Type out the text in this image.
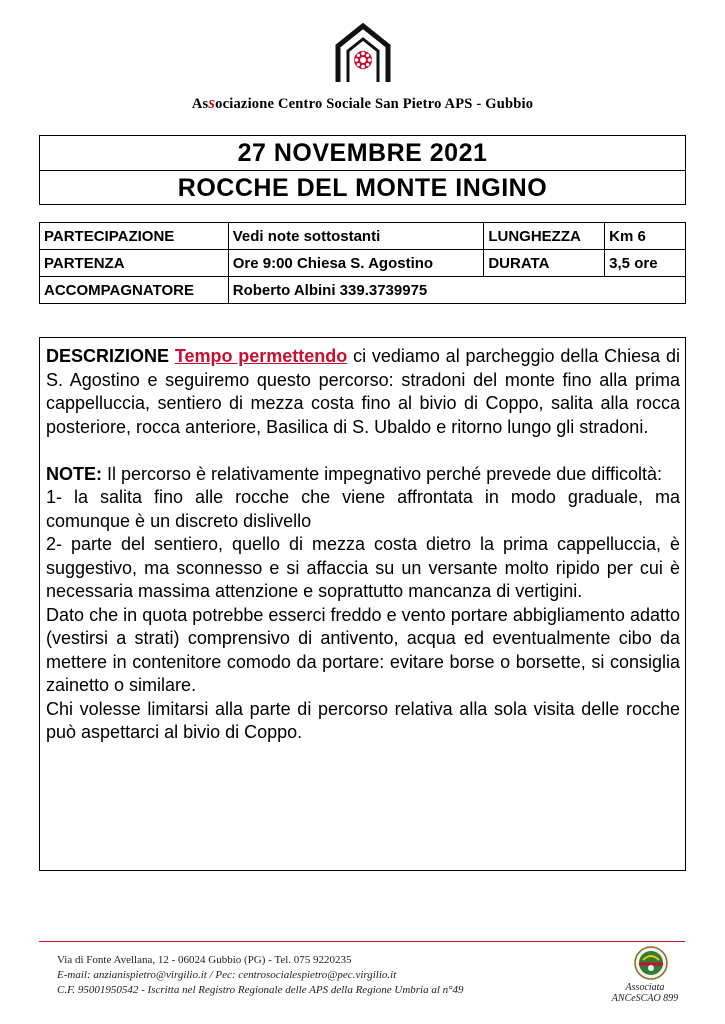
Associazione Centro Sociale San Pietro APS - Gubbio
27 NOVEMBRE 2021
ROCCHE DEL MONTE INGINO
PARTECIPAZIONE	Vedi note sottostanti	LUNGHEZZA	Km 6
PARTENZA	Ore 9:00 Chiesa S. Agostino	DURATA	3,5 ore
ACCOMPAGNATORE	Roberto Albini 339.3739975		

DESCRIZIONE Tempo permettendo ci vediamo al parcheggio della Chiesa di S. Agostino e seguiremo questo percorso: stradoni del monte fino alla prima cappelluccia, sentiero di mezza costa fino al bivio di Coppo, salita alla rocca posteriore, rocca anteriore, Basilica di S. Ubaldo e ritorno lungo gli stradoni.

NOTE: Il percorso è relativamente impegnativo perché prevede due difficoltà:

1- la salita fino alle rocche che viene affrontata in modo graduale, ma comunque è un discreto dislivello

2- parte del sentiero, quello di mezza costa dietro la prima cappelluccia, è suggestivo, ma sconnesso e si affaccia su un versante molto ripido per cui è necessaria massima attenzione e soprattutto mancanza di vertigini.

Dato che in quota potrebbe esserci freddo e vento portare abbigliamento adatto (vestirsi a strati) comprensivo di antivento, acqua ed eventualmente cibo da mettere in contenitore comodo da portare: evitare borse o borsette, si consiglia zainetto o similare.

Chi volesse limitarsi alla parte di percorso relativa alla sola visita delle rocche può aspettarci al bivio di Coppo.

Via di Fonte Avellana, 12 - 06024 Gubbio (PG) - Tel. 075 9220235
E-mail: anzianispietro@virgilio.it / Pec: centrosocialespietro@pec.virgilio.it
C.F. 95001950542 - Iscritta nel Registro Regionale delle APS della Regione Umbria al n°49	Associata
ANCeSCAO 899
